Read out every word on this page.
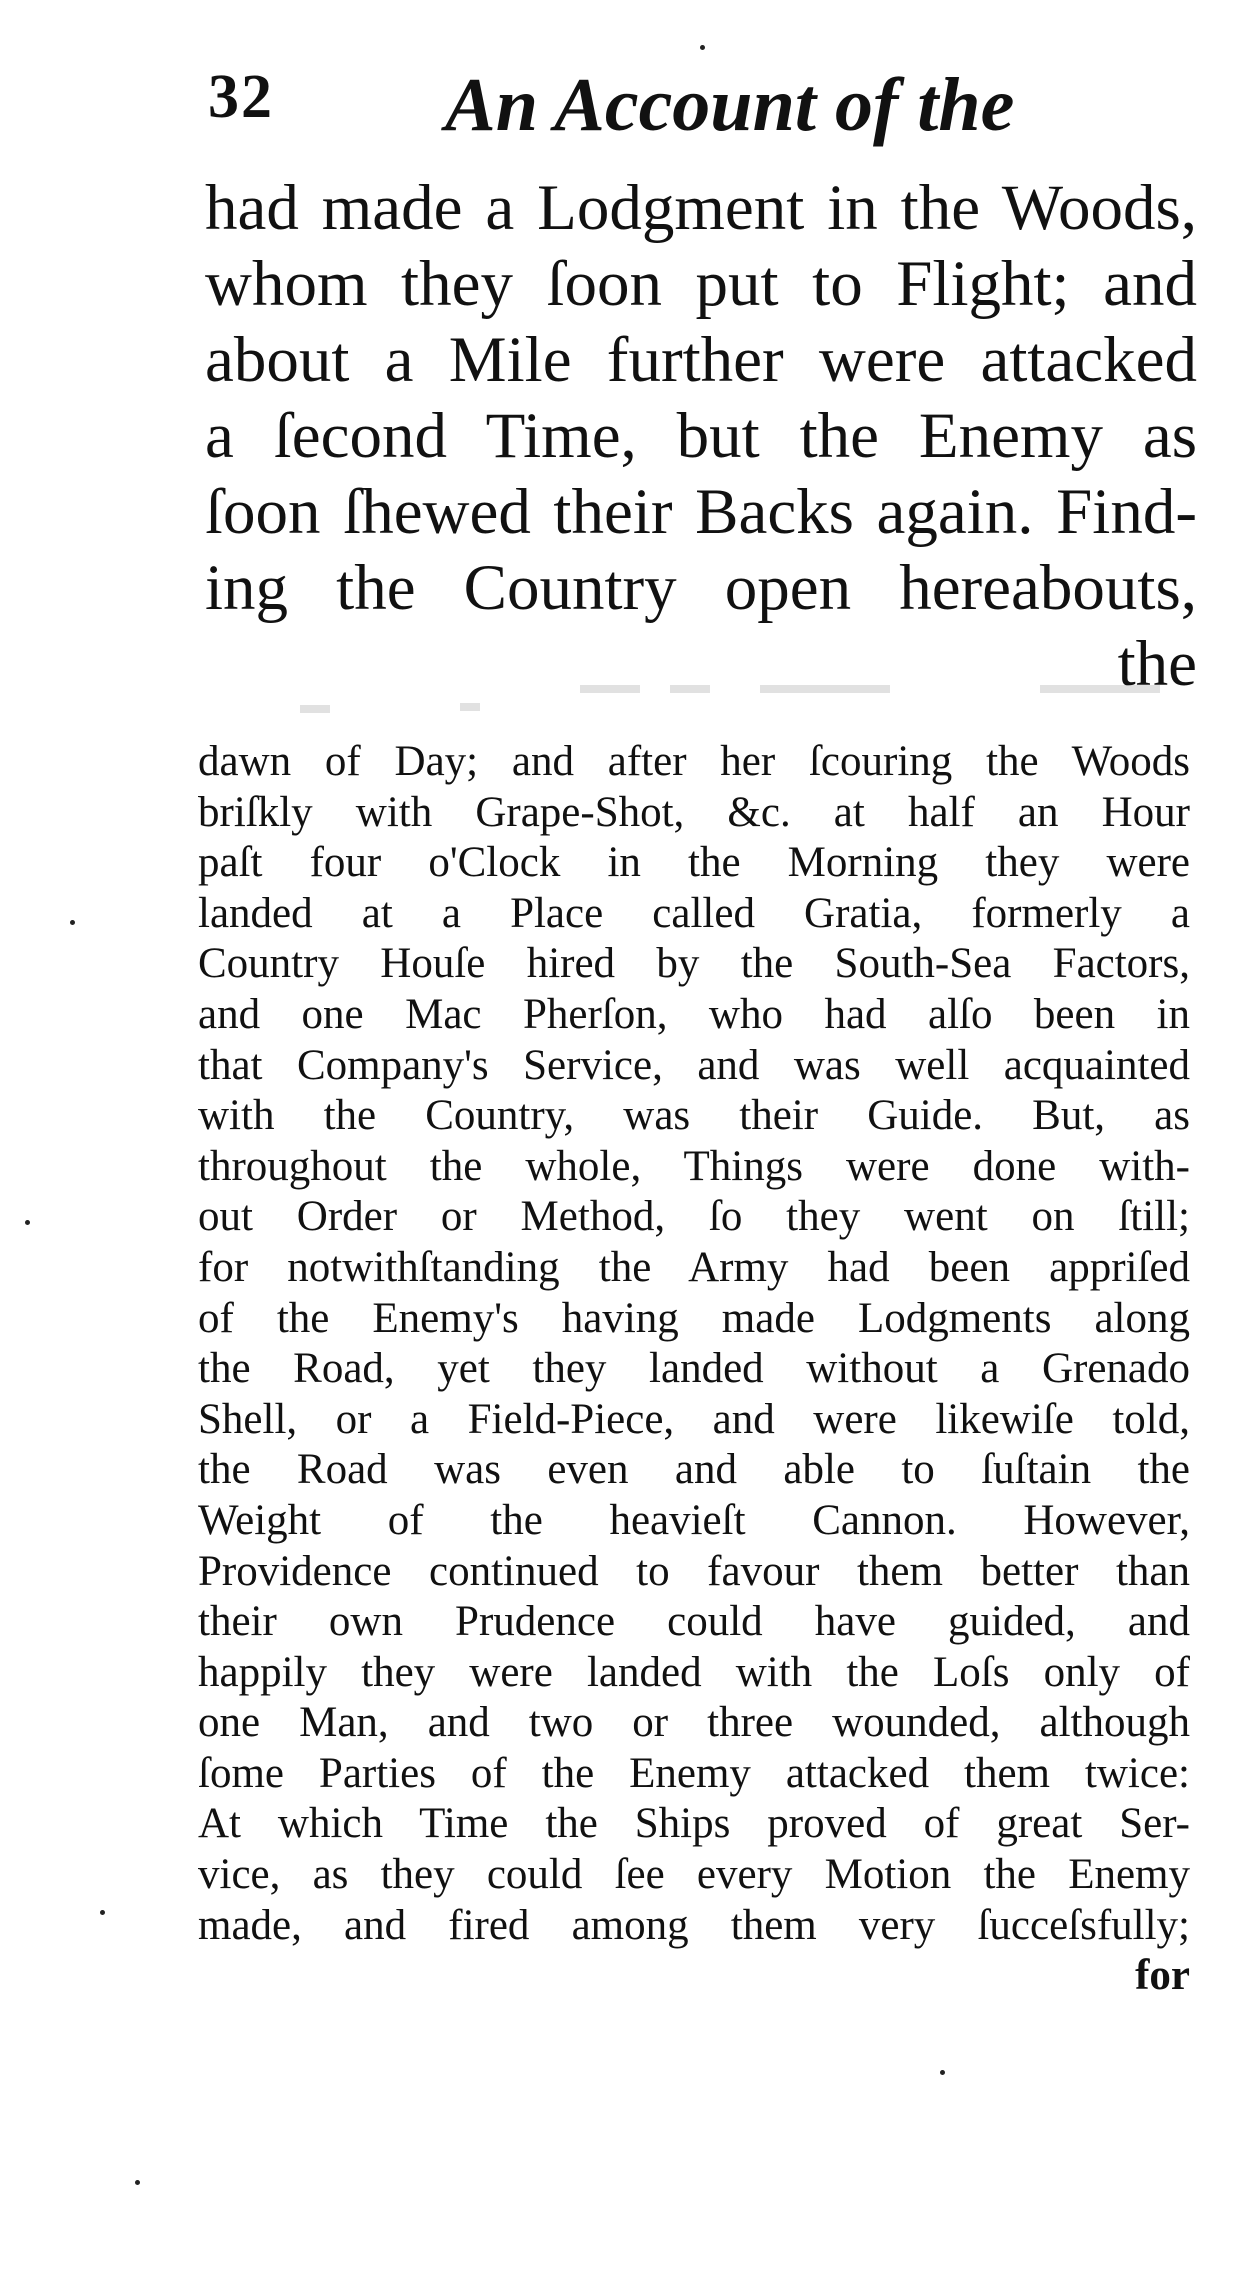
32 An Account of the
had made a Lodgment in the Woods,
whom they ſoon put to Flight; and
about a Mile further were attacked
a ſecond Time, but the Enemy as
ſoon ſhewed their Backs again. Find-
ing the Country open hereabouts,
the
dawn of Day; and after her ſcouring the Woods
briſkly with Grape-Shot, &c. at half an Hour
paſt four o'Clock in the Morning they were
landed at a Place called Gratia, formerly a
Country Houſe hired by the South-Sea Factors,
and one Mac Pherſon, who had alſo been in
that Company's Service, and was well acquainted
with the Country, was their Guide. But, as
throughout the whole, Things were done with-
out Order or Method, ſo they went on ſtill;
for notwithſtanding the Army had been appriſed
of the Enemy's having made Lodgments along
the Road, yet they landed without a Grenado
Shell, or a Field-Piece, and were likewiſe told,
the Road was even and able to ſuſtain the
Weight of the heavieſt Cannon. However,
Providence continued to favour them better than
their own Prudence could have guided, and
happily they were landed with the Loſs only of
one Man, and two or three wounded, although
ſome Parties of the Enemy attacked them twice:
At which Time the Ships proved of great Ser-
vice, as they could ſee every Motion the Enemy
made, and fired among them very ſucceſsfully;
for
